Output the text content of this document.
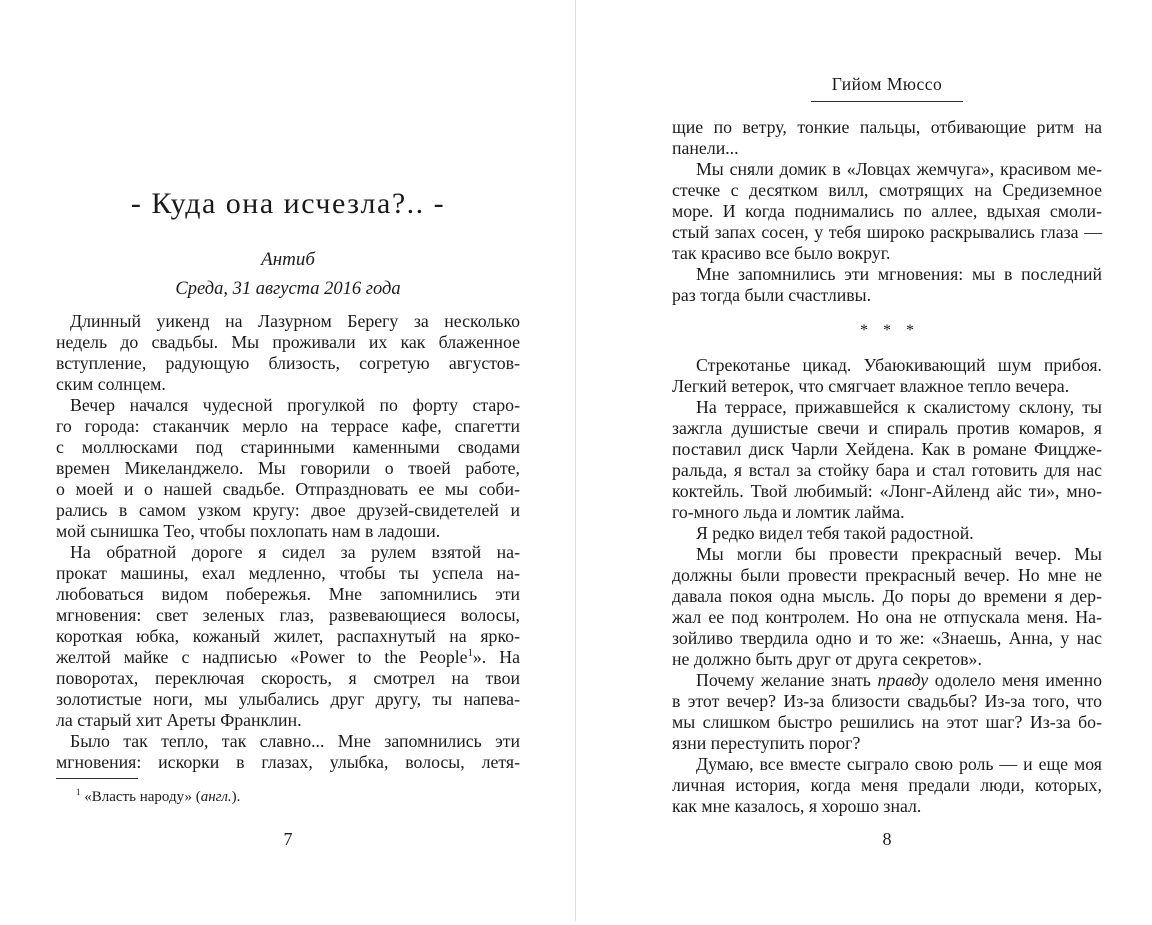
- Куда она исчезла?.. -
Антиб
Среда, 31 августа 2016 года
Длинный уикенд на Лазурном Берегу за несколько
недель до свадьбы. Мы проживали их как блаженное
вступление, радующую близость, согретую августов-
ским солнцем.
Вечер начался чудесной прогулкой по форту старо-
го города: стаканчик мерло на террасе кафе, спагетти
с моллюсками под старинными каменными сводами
времен Микеланджело. Мы говорили о твоей работе,
о моей и о нашей свадьбе. Отпраздновать ее мы соби-
рались в самом узком кругу: двое друзей-свидетелей и
мой сынишка Тео, чтобы похлопать нам в ладоши.
На обратной дороге я сидел за рулем взятой на-
прокат машины, ехал медленно, чтобы ты успела на-
любоваться видом побережья. Мне запомнились эти
мгновения: свет зеленых глаз, развевающиеся волосы,
короткая юбка, кожаный жилет, распахнутый на ярко-
желтой майке с надписью «Power to the People$^1$». На
поворотах, переключая скорость, я смотрел на твои
золотистые ноги, мы улыбались друг другу, ты напева-
ла старый хит Ареты Франклин.
Было так тепло, так славно... Мне запомнились эти
мгновения: искорки в глазах, улыбка, волосы, летя-
$^1$ «Власть народу» (англ.).
7
Гийом Мюссо
щие по ветру, тонкие пальцы, отбивающие ритм на
панели...
Мы сняли домик в «Ловцах жемчуга», красивом ме-
стечке с десятком вилл, смотрящих на Средиземное
море. И когда поднимались по аллее, вдыхая смоли-
стый запах сосен, у тебя широко раскрывались глаза —
так красиво все было вокруг.
Мне запомнились эти мгновения: мы в последний
раз тогда были счастливы.
* * *
Стрекотанье цикад. Убаюкивающий шум прибоя.
Легкий ветерок, что смягчает влажное тепло вечера.
На террасе, прижавшейся к скалистому склону, ты
зажгла душистые свечи и спираль против комаров, я
поставил диск Чарли Хейдена. Как в романе Фицдже-
ральда, я встал за стойку бара и стал готовить для нас
коктейль. Твой любимый: «Лонг-Айленд айс ти», мно-
го-много льда и ломтик лайма.
Я редко видел тебя такой радостной.
Мы могли бы провести прекрасный вечер. Мы
должны были провести прекрасный вечер. Но мне не
давала покоя одна мысль. До поры до времени я дер-
жал ее под контролем. Но она не отпускала меня. На-
зойливо твердила одно и то же: «Знаешь, Анна, у нас
не должно быть друг от друга секретов».
Почему желание знать правду одолело меня именно
в этот вечер? Из-за близости свадьбы? Из-за того, что
мы слишком быстро решились на этот шаг? Из-за бо-
язни переступить порог?
Думаю, все вместе сыграло свою роль — и еще моя
личная история, когда меня предали люди, которых,
как мне казалось, я хорошо знал.
8
